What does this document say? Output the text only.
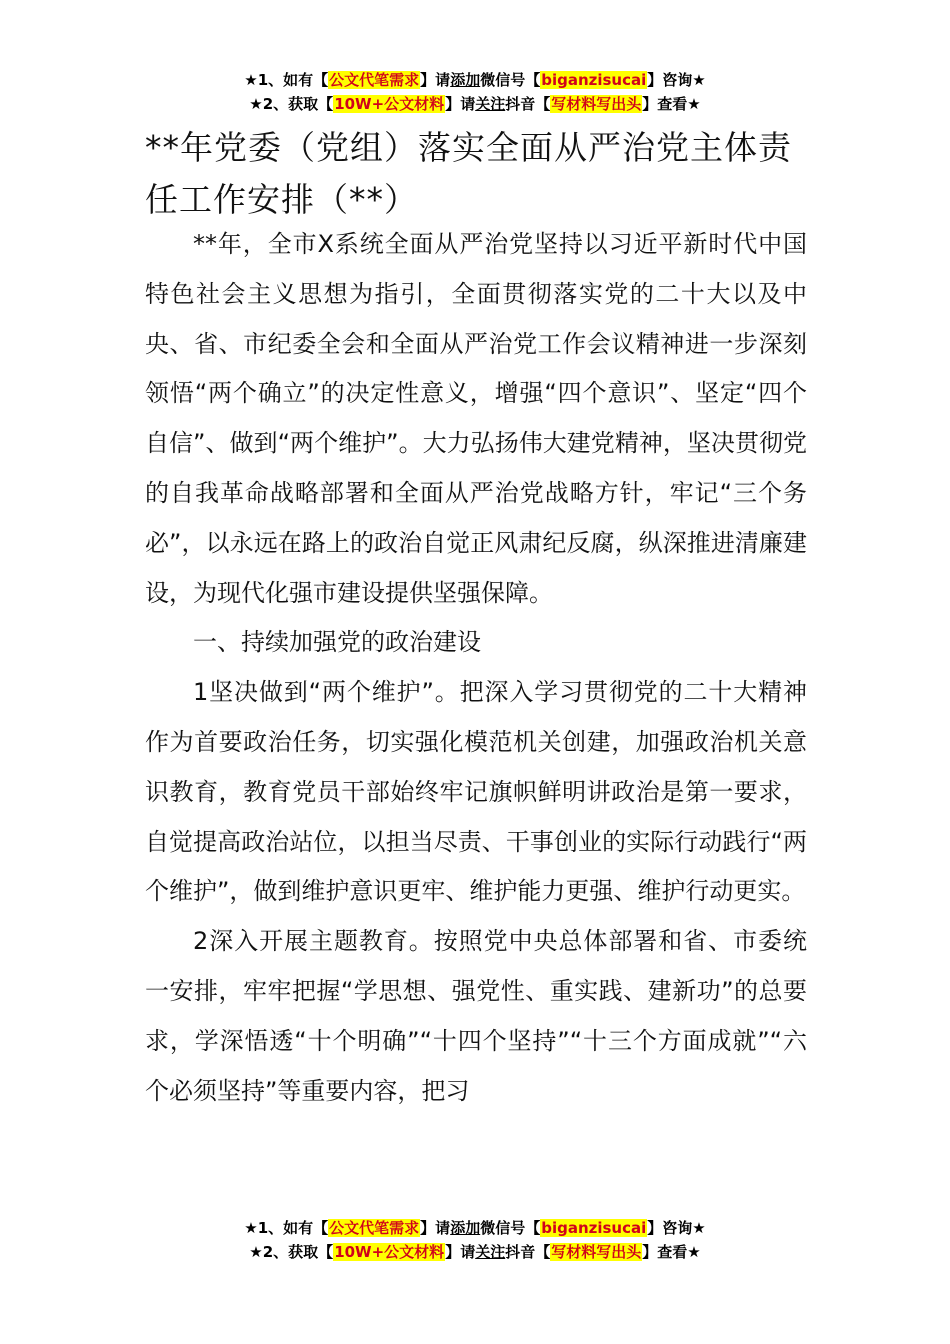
★1、如有【公文代笔需求】请添加微信号【biganzisucai】咨询★
★2、获取【10W+公文材料】请关注抖音【写材料写出头】查看★
**年党委（党组）落实全面从严治党主体责任工作安排（**）

**年，全市X系统全面从严治党坚持以习近平新时代中国特色社会主义思想为指引，全面贯彻落实党的二十大以及中央、省、市纪委全会和全面从严治党工作会议精神进一步深刻领悟“两个确立”的决定性意义，增强“四个意识”、坚定“四个自信”、做到“两个维护”。大力弘扬伟大建党精神，坚决贯彻党的自我革命战略部署和全面从严治党战略方针，牢记“三个务必”，以永远在路上的政治自觉正风肃纪反腐，纵深推进清廉建设，为现代化强市建设提供坚强保障。

一、持续加强党的政治建设

1坚决做到“两个维护”。把深入学习贯彻党的二十大精神作为首要政治任务，切实强化模范机关创建，加强政治机关意识教育，教育党员干部始终牢记旗帜鲜明讲政治是第一要求，自觉提高政治站位，以担当尽责、干事创业的实际行动践行“两个维护”，做到维护意识更牢、维护能力更强、维护行动更实。

2深入开展主题教育。按照党中央总体部署和省、市委统一安排，牢牢把握“学思想、强党性、重实践、建新功”的总要求，学深悟透“十个明确”“十四个坚持”“十三个方面成就”“六个必须坚持”等重要内容，把习

★1、如有【公文代笔需求】请添加微信号【biganzisucai】咨询★
★2、获取【10W+公文材料】请关注抖音【写材料写出头】查看★
